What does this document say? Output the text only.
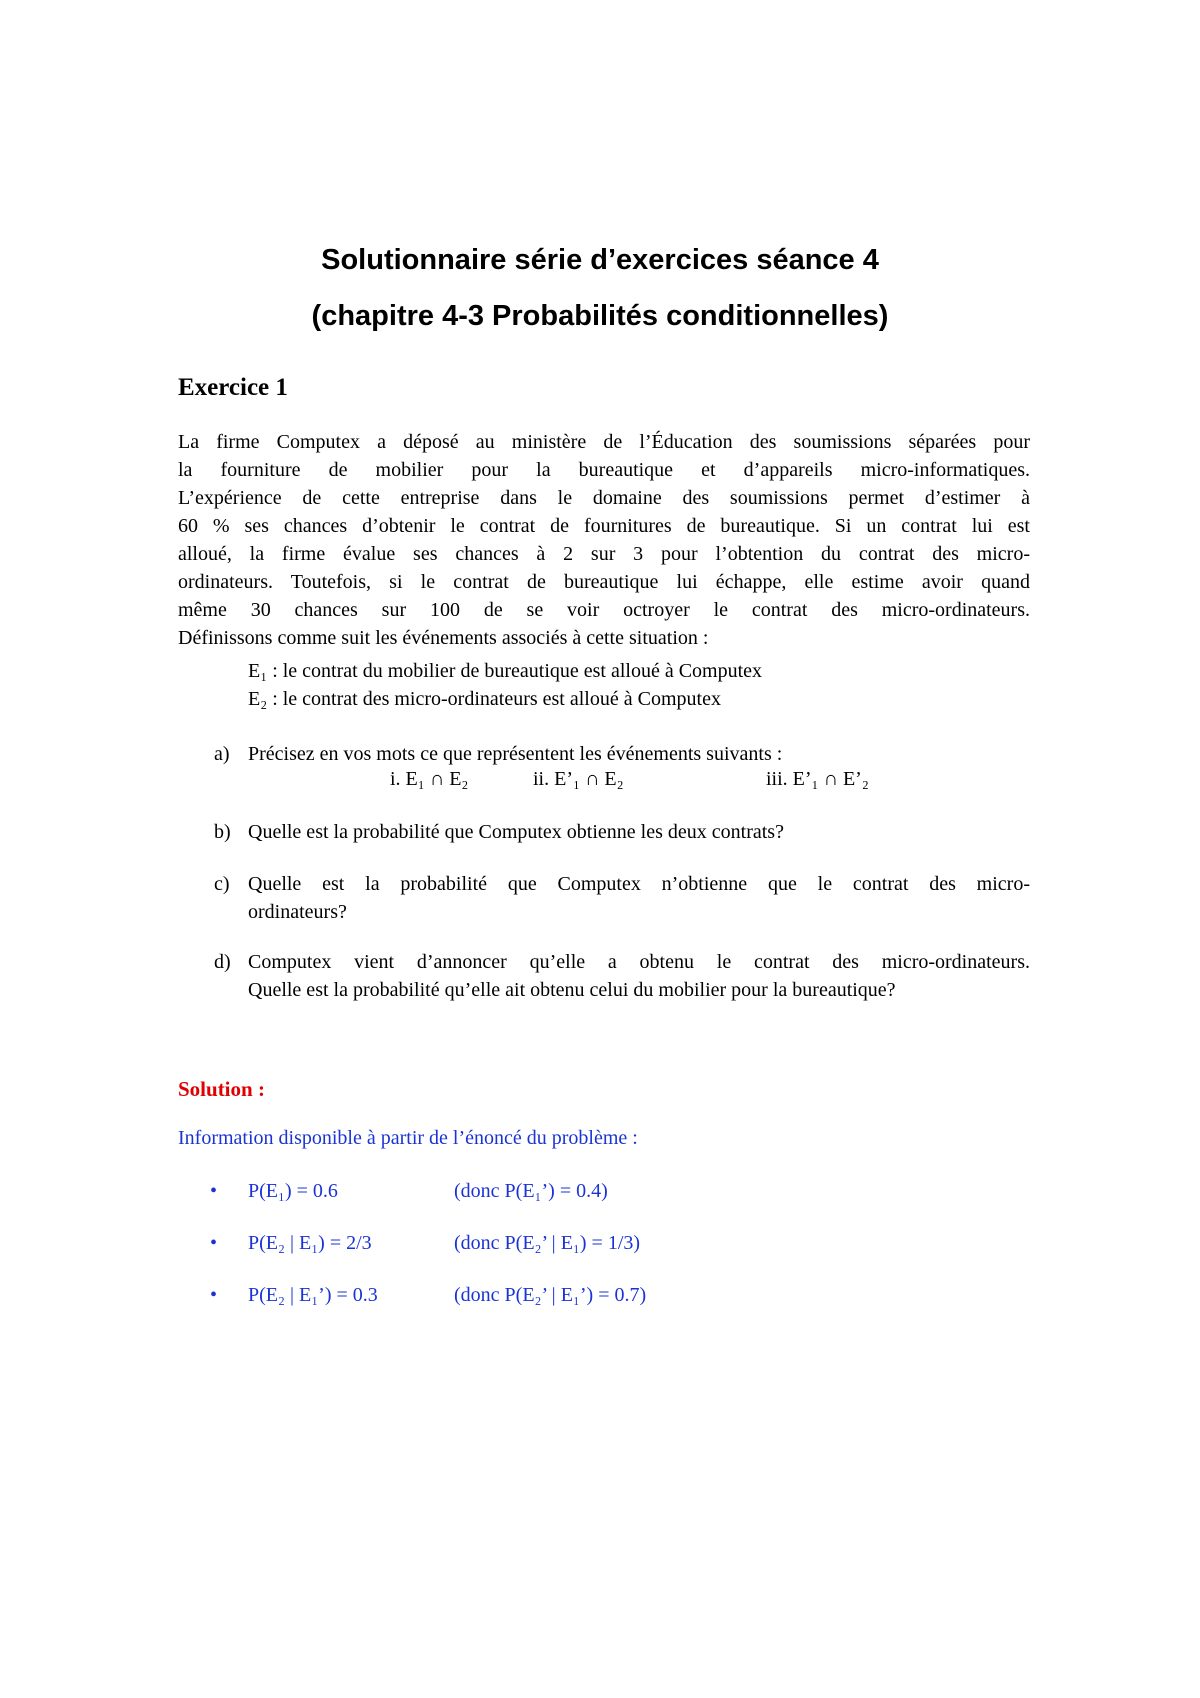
Solutionnaire série d’exercices séance 4
(chapitre 4-3 Probabilités conditionnelles)
Exercice 1
La firme Computex a déposé au ministère de l’Éducation des soumissions séparées pour
la fourniture de mobilier pour la bureautique et d’appareils micro-informatiques.
L’expérience de cette entreprise dans le domaine des soumissions permet d’estimer à
60 % ses chances d’obtenir le contrat de fournitures de bureautique. Si un contrat lui est
alloué, la firme évalue ses chances à 2 sur 3 pour l’obtention du contrat des micro-
ordinateurs. Toutefois, si le contrat de bureautique lui échappe, elle estime avoir quand
même 30 chances sur 100 de se voir octroyer le contrat des micro-ordinateurs.
Définissons comme suit les événements associés à cette situation :

E₁ : le contrat du mobilier de bureautique est alloué à Computex

E₂ : le contrat des micro-ordinateurs est alloué à Computex

a) Précisez en vos mots ce que représentent les événements suivants :
i. E₁ ∩ E₂	ii. E’₁ ∩ E₂	iii. E’₁ ∩ E’₂
b) Quelle est la probabilité que Computex obtienne les deux contrats?
c) Quelle est la probabilité que Computex n’obtienne que le contrat des micro-
ordinateurs?
d) Computex vient d’annoncer qu’elle a obtenu le contrat des micro-ordinateurs.
Quelle est la probabilité qu’elle ait obtenu celui du mobilier pour la bureautique?
Solution :

Information disponible à partir de l’énoncé du problème :

• P(E₁) = 0.6	(donc P(E₁’) = 0.4)
• P(E₂ | E₁) = 2/3	(donc P(E₂’ | E₁) = 1/3)
• P(E₂ | E₁’) = 0.3	(donc P(E₂’ | E₁’) = 0.7)
